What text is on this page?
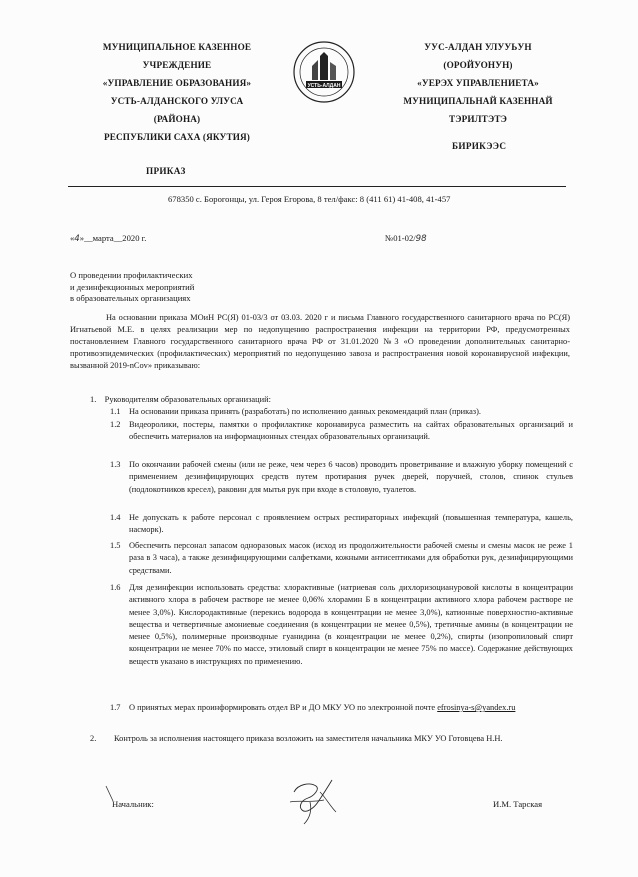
МУНИЦИПАЛЬНОЕ КАЗЕННОЕ
УЧРЕЖДЕНИЕ
«УПРАВЛЕНИЕ ОБРАЗОВАНИЯ»
УСТЬ-АЛДАНСКОГО УЛУСА
(РАЙОНА)
РЕСПУБЛИКИ САХА (ЯКУТИЯ)
УСТЬ-АЛДАН
УУС-АЛДАН УЛУУЬУН
(ОРОЙУОНУН)
«УЕРЭХ УПРАВЛЕНИЕТА»
МУНИЦИПАЛЬНАЙ КАЗЕННАЙ
ТЭРИЛТЭТЭ
БИРИКЭЭС
ПРИКАЗ
678350 с. Борогонцы, ул. Героя Егорова, 8 тел/факс: 8 (411 61) 41-408, 41-457
«4»__марта__2020 г.	№01-02/98
О проведении профилактических
и дезинфекционных мероприятий
в образовательных организациях
На основании приказа МОиН РС(Я) 01-03/3 от 03.03. 2020 г и письма Главного государственного санитарного врача по РС(Я) Игнатьевой М.Е. в целях реализации мер по недопущению распространения инфекции на территории РФ, предусмотренных постановлением Главного государственного санитарного врача РФ от 31.01.2020 №3 «О проведении дополнительных санитарно-противоэпидемических (профилактических) мероприятий по недопущению завоза и распространения новой коронавирусной инфекции, вызванной 2019-nCov» приказываю:
1. Руководителям образовательных организаций:
1.1 На основании приказа принять (разработать) по исполнению данных рекомендаций план (приказ).
1.2 Видеоролики, постеры, памятки о профилактике коронавируса разместить на сайтах образовательных организаций и обеспечить материалов на информационных стендах образовательных организаций.
1.3 По окончании рабочей смены (или не реже, чем через 6 часов) проводить проветривание и влажную уборку помещений с применением дезинфицирующих средств путем протирания ручек дверей, поручней, столов, спинок стульев (подлокотников кресел), раковин для мытья рук при входе в столовую, туалетов.
1.4 Не допускать к работе персонал с проявлением острых респираторных инфекций (повышенная температура, кашель, насморк).
1.5 Обеспечить персонал запасом одноразовых масок (исход из продолжительности рабочей смены и смены масок не реже 1 раза в 3 часа), а также дезинфицирующими салфетками, кожными антисептиками для обработки рук, дезинфицирующими средствами.
1.6 Для дезинфекции использовать средства: хлорактивные (натриевая соль дихлоризоциануровой кислоты в концентрации активного хлора в рабочем растворе не менее 0,06% хлорамин Б в концентрации активного хлора рабочем растворе не менее 3,0%). Кислородактивные (перекись водорода в концентрации не менее 3,0%), катионные поверхностно-активные вещества и четвертичные амониевые соединения (в концентрации не менее 0,5%), третичные амины (в концентрации не менее 0,5%), полимерные производные гуанидина (в концентрации не менее 0,2%), спирты (изопропиловый спирт концентрации не менее 70% по массе, этиловый спирт в концентрации не менее 75% по массе). Содержание действующих веществ указано в инструкциях по применению.
1.7 О принятых мерах проинформировать отдел ВР и ДО МКУ УО по электронной почте efrosinya-s@yandex.ru
2. Контроль за исполнения настоящего приказа возложить на заместителя начальника МКУ УО Готовцева Н.Н.
Начальник:	И.М. Тарская
